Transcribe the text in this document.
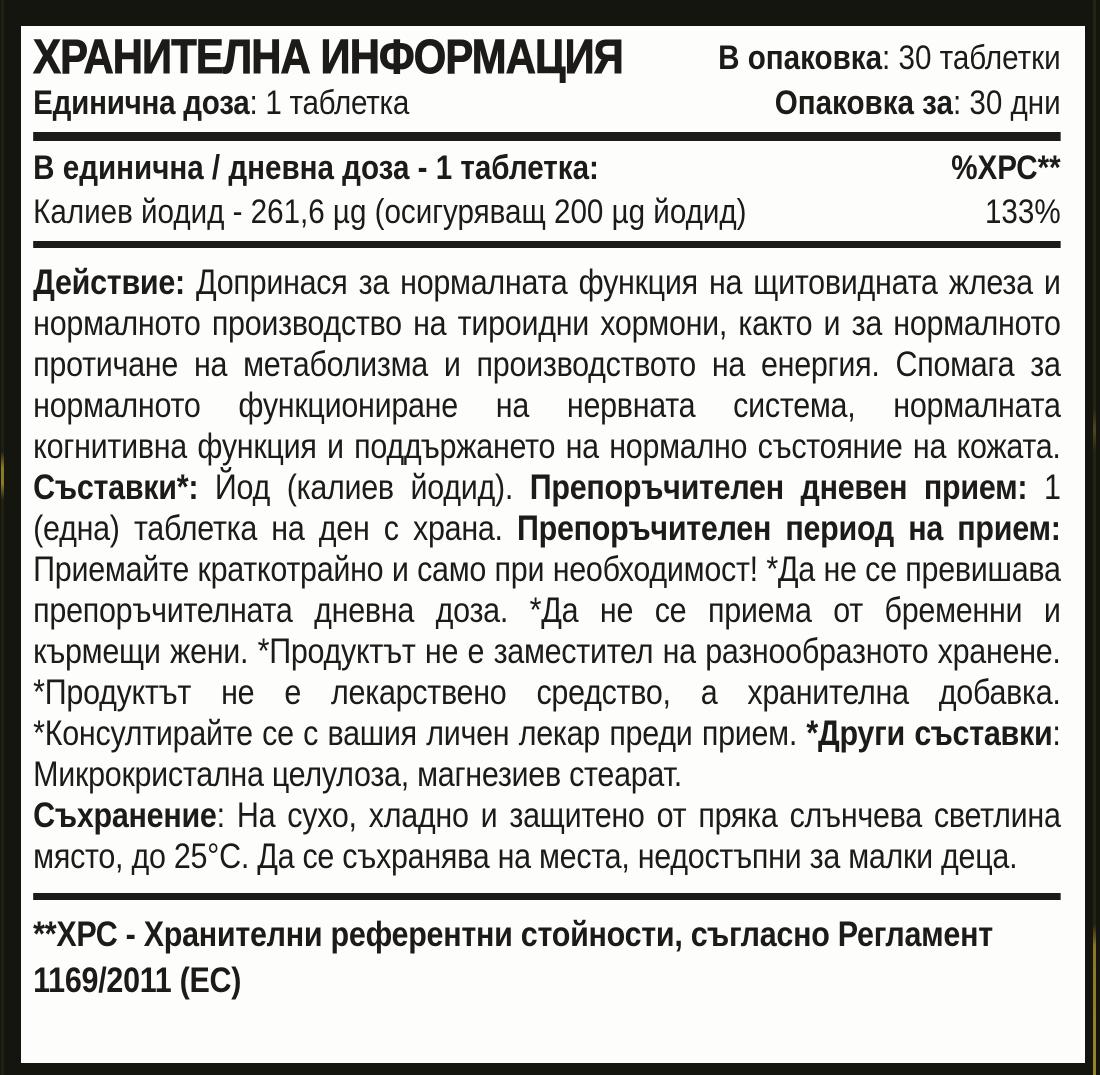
ХРАНИТЕЛНА ИНФОРМАЦИЯ
Единична доза: 1 таблетка
В опаковка: 30 таблетки
Опаковка за: 30 дни
В единична / дневна доза - 1 таблетка:	%ХРС**
Калиев йодид - 261,6 µg (осигуряващ 200 µg йодид)	133%

Действие: Допринася за нормалната функция на щитовидната жлеза и нормалното производство на тироидни хормони, както и за нормалното протичане на метаболизма и производството на енергия. Спомага за нормалното функциониране на нервната система, нормалната когнитивна функция и поддържането на нормално състояние на кожата. Съставки*: Йод (калиев йодид). Препоръчителен дневен прием: 1 (една) таблетка на ден с храна. Препоръчителен период на прием: Приемайте краткотрайно и само при необходимост! *Да не се превишава препоръчителната дневна доза. *Да не се приема от бременни и кърмещи жени. *Продуктът не е заместител на разнообразното хранене. *Продуктът не е лекарствено средство, а хранителна добавка. *Консултирайте се с вашия личен лекар преди прием. *Други съставки: Микрокристална целулоза, магнезиев стеарат.

Съхранение: На сухо, хладно и защитено от пряка слънчева светлина място, до 25°C. Да се съхранява на места, недостъпни за малки деца.

**ХРС - Хранителни референтни стойности, съгласно Регламент 1169/2011 (ЕС)
